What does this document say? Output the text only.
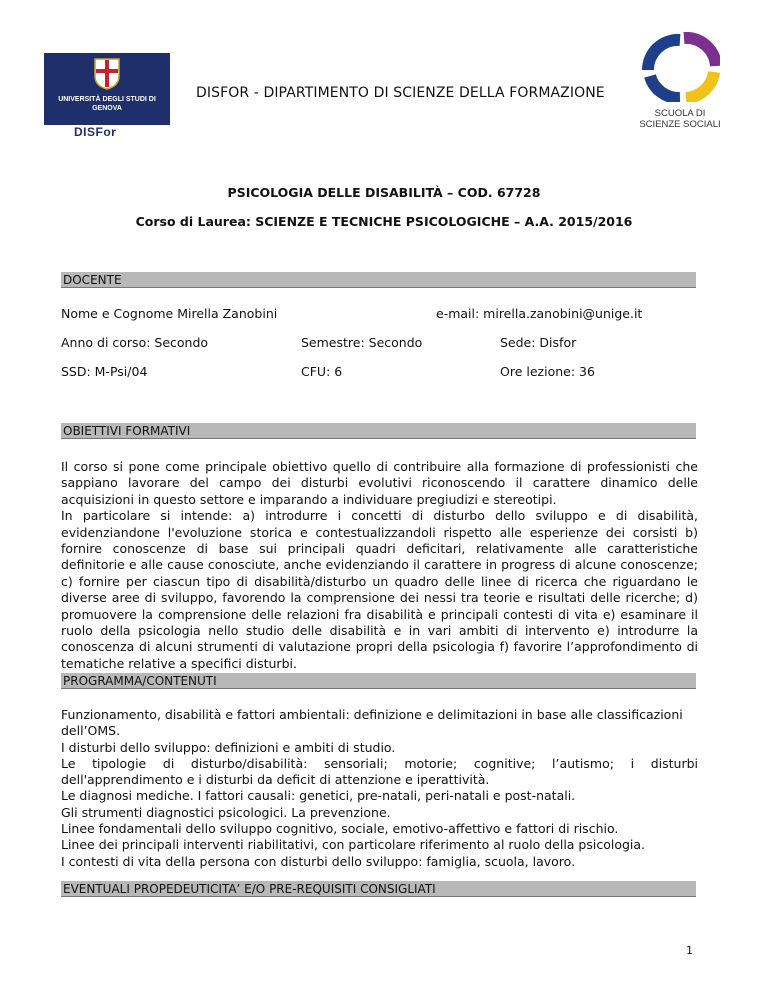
UNIVERSITÀ DEGLI STUDI DI GENOVA
DISFor
DISFOR - DIPARTIMENTO DI SCIENZE DELLA FORMAZIONE
SCUOLA DI
SCIENZE SOCIALI
PSICOLOGIA DELLE DISABILITÀ – COD. 67728
Corso di Laurea: SCIENZE E TECNICHE PSICOLOGICHE – A.A. 2015/2016
DOCENTE
Nome e Cognome Mirella Zanobini	e-mail: mirella.zanobini@unige.it
Anno di corso: Secondo	Semestre: Secondo	Sede: Disfor
SSD: M-Psi/04	CFU: 6	Ore lezione: 36
OBIETTIVI FORMATIVI

Il corso si pone come principale obiettivo quello di contribuire alla formazione di professionisti che sappiano lavorare del campo dei disturbi evolutivi riconoscendo il carattere dinamico delle acquisizioni in questo settore e imparando a individuare pregiudizi e stereotipi.

In particolare si intende: a) introdurre i concetti di disturbo dello sviluppo e di disabilità, evidenziandone l'evoluzione storica e contestualizzandoli rispetto alle esperienze dei corsisti b) fornire conoscenze di base sui principali quadri deficitari, relativamente alle caratteristiche definitorie e alle cause conosciute, anche evidenziando il carattere in progress di alcune conoscenze; c) fornire per ciascun tipo di disabilità/disturbo un quadro delle linee di ricerca che riguardano le diverse aree di sviluppo, favorendo la comprensione dei nessi tra teorie e risultati delle ricerche; d) promuovere la comprensione delle relazioni fra disabilità e principali contesti di vita e) esaminare il ruolo della psicologia nello studio delle disabilità e in vari ambiti di intervento e) introdurre la conoscenza di alcuni strumenti di valutazione propri della psicologia f) favorire l’approfondimento di tematiche relative a specifici disturbi.

PROGRAMMA/CONTENUTI
Funzionamento, disabilità e fattori ambientali: definizione e delimitazioni in base alle classificazioni dell’OMS.
I disturbi dello sviluppo: definizioni e ambiti di studio.
Le tipologie di disturbo/disabilità: sensoriali; motorie; cognitive; l’autismo; i disturbi dell'apprendimento e i disturbi da deficit di attenzione e iperattività.
Le diagnosi mediche. I fattori causali: genetici, pre-natali, peri-natali e post-natali.
Gli strumenti diagnostici psicologici. La prevenzione.
Linee fondamentali dello sviluppo cognitivo, sociale, emotivo-affettivo e fattori di rischio.
Linee dei principali interventi riabilitativi, con particolare riferimento al ruolo della psicologia.
I contesti di vita della persona con disturbi dello sviluppo: famiglia, scuola, lavoro.
EVENTUALI PROPEDEUTICITA’ E/O PRE-REQUISITI CONSIGLIATI
1
